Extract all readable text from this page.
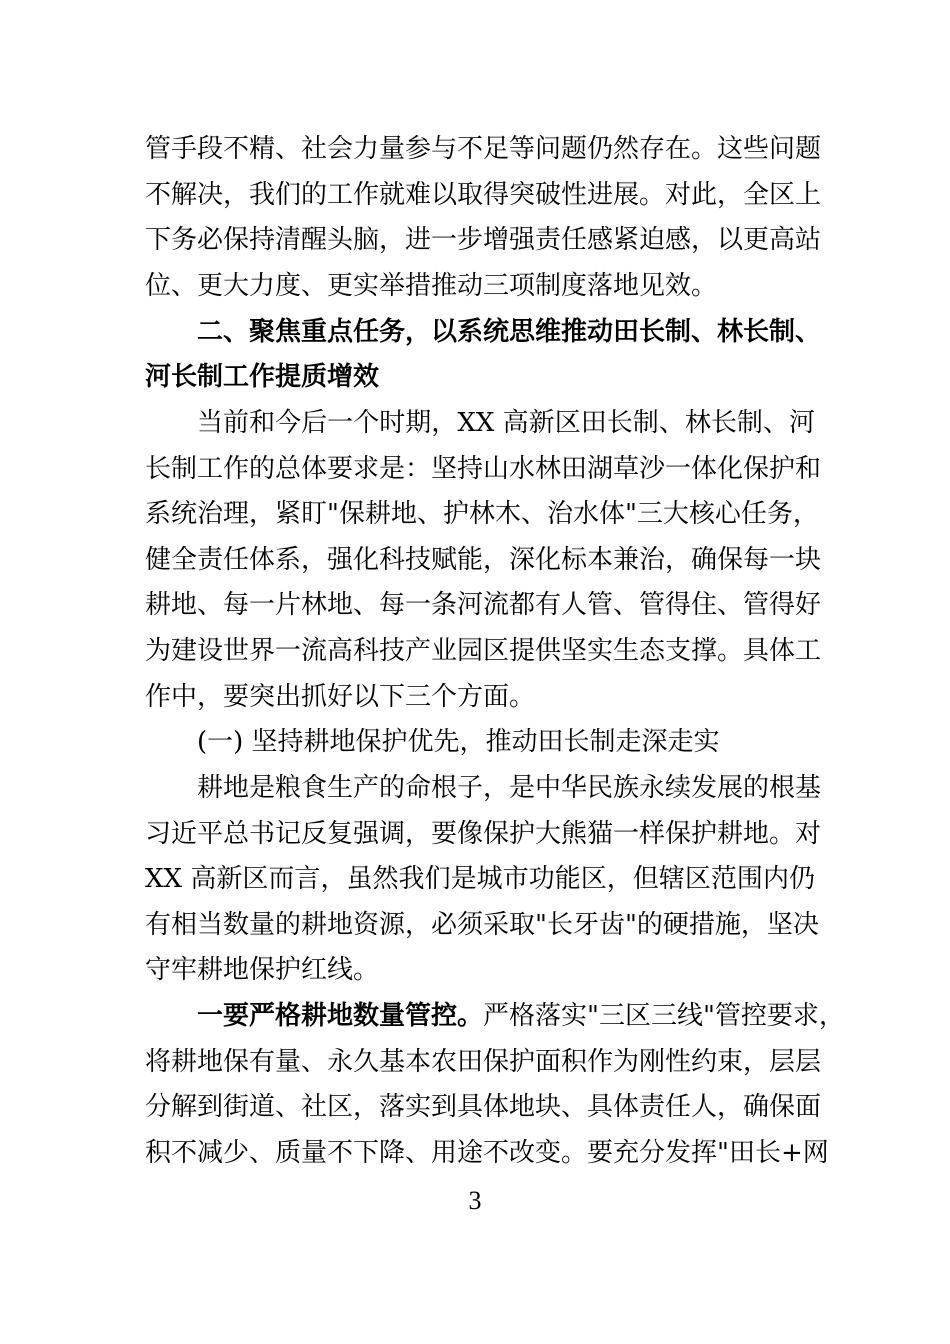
管手段不精、社会力量参与不足等问题仍然存在。这些问题
不解决，我们的工作就难以取得突破性进展。对此，全区上
下务必保持清醒头脑，进一步增强责任感紧迫感，以更高站
位、更大力度、更实举措推动三项制度落地见效。
二、聚焦重点任务，以系统思维推动田长制、林长制、
河长制工作提质增效
当前和今后一个时期，XX 高新区田长制、林长制、河
长制工作的总体要求是：坚持山水林田湖草沙一体化保护和
系统治理，紧盯"保耕地、护林木、治水体"三大核心任务，
健全责任体系，强化科技赋能，深化标本兼治，确保每一块
耕地、每一片林地、每一条河流都有人管、管得住、管得好
为建设世界一流高科技产业园区提供坚实生态支撑。具体工
作中，要突出抓好以下三个方面。
(一) 坚持耕地保护优先，推动田长制走深走实
耕地是粮食生产的命根子，是中华民族永续发展的根基
习近平总书记反复强调，要像保护大熊猫一样保护耕地。对
XX 高新区而言，虽然我们是城市功能区，但辖区范围内仍
有相当数量的耕地资源，必须采取"长牙齿"的硬措施，坚决
守牢耕地保护红线。
一要严格耕地数量管控。 严格落实"三区三线"管控要求，
将耕地保有量、永久基本农田保护面积作为刚性约束，层层
分解到街道、社区，落实到具体地块、具体责任人，确保面
积不减少、质量不下降、用途不改变。要充分发挥"田长+网
3
